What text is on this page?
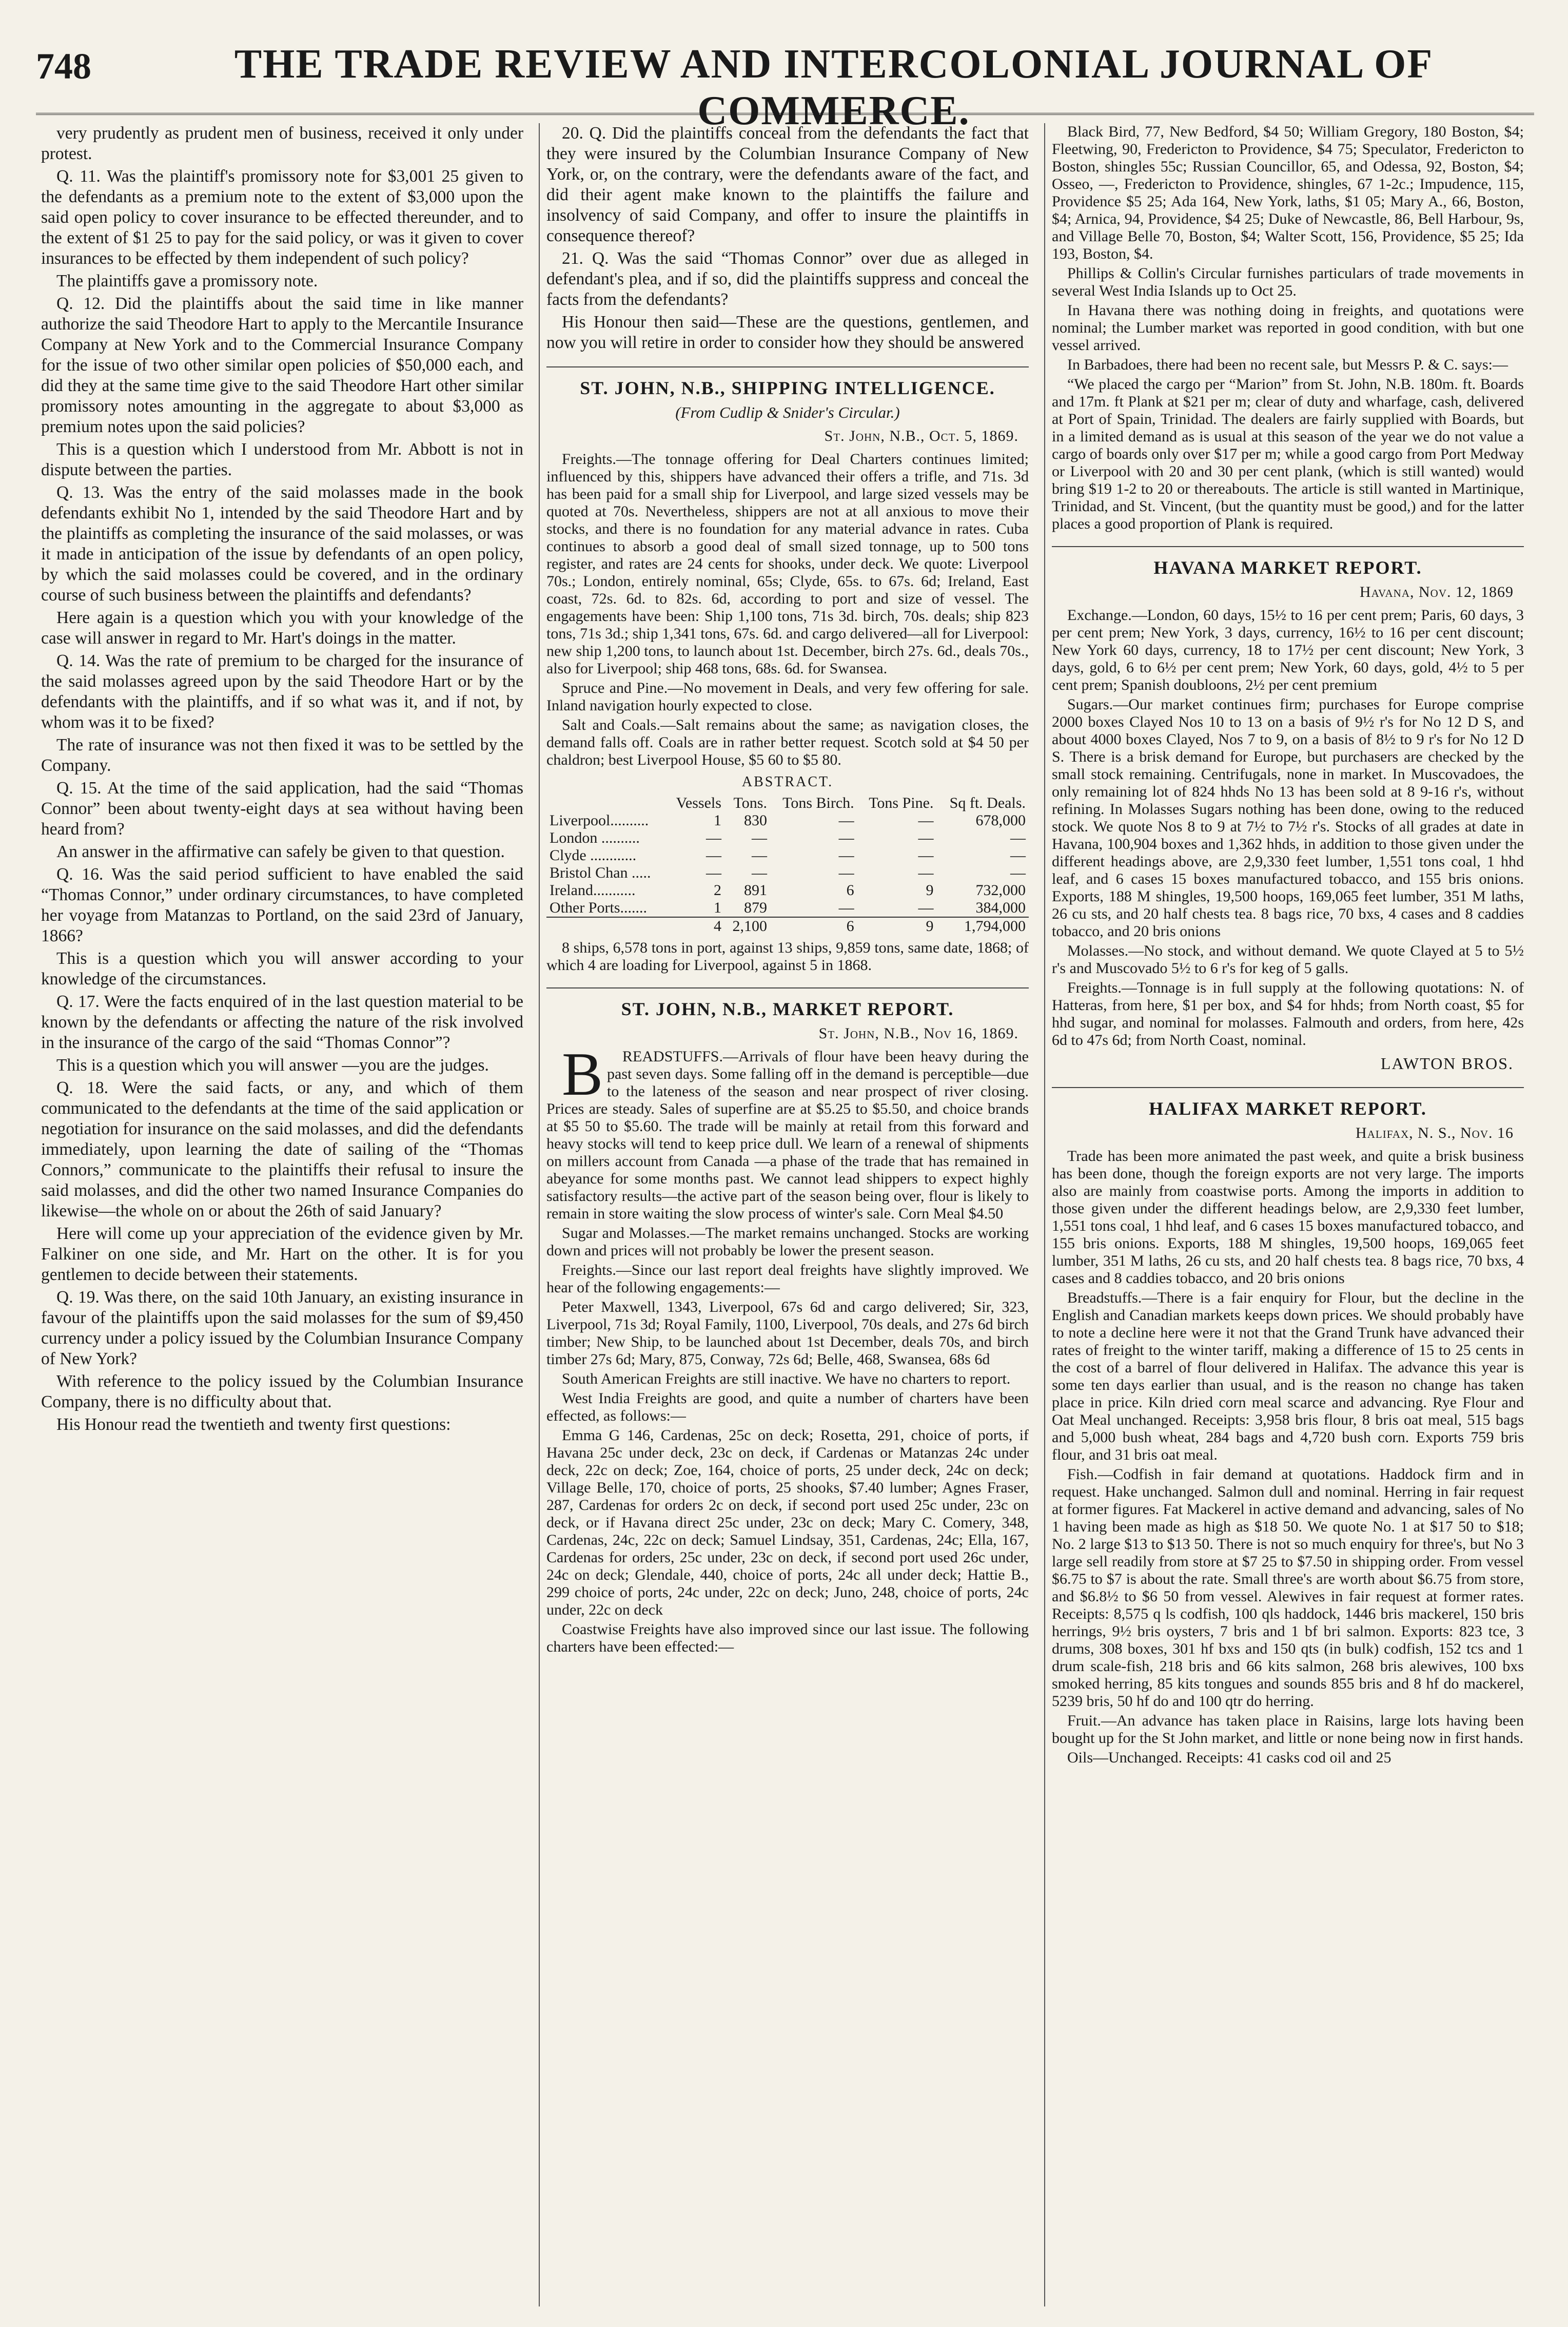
748	THE TRADE REVIEW AND INTERCOLONIAL JOURNAL OF COMMERCE.

very prudently as prudent men of business, received it only under protest.

Q. 11. Was the plaintiff's promissory note for $3,001 25 given to the defendants as a premium note to the extent of $3,000 upon the said open policy to cover insurance to be effected thereunder, and to the extent of $1 25 to pay for the said policy, or was it given to cover insurances to be effected by them independent of such policy?

The plaintiffs gave a promissory note.

Q. 12. Did the plaintiffs about the said time in like manner authorize the said Theodore Hart to apply to the Mercantile Insurance Company at New York and to the Commercial Insurance Company for the issue of two other similar open policies of $50,000 each, and did they at the same time give to the said Theodore Hart other similar promissory notes amounting in the aggregate to about $3,000 as premium notes upon the said policies?

This is a question which I understood from Mr. Abbott is not in dispute between the parties.

Q. 13. Was the entry of the said molasses made in the book defendants exhibit No 1, intended by the said Theodore Hart and by the plaintiffs as completing the insurance of the said molasses, or was it made in anticipation of the issue by defendants of an open policy, by which the said molasses could be covered, and in the ordinary course of such business between the plaintiffs and defendants?

Here again is a question which you with your knowledge of the case will answer in regard to Mr. Hart's doings in the matter.

Q. 14. Was the rate of premium to be charged for the insurance of the said molasses agreed upon by the said Theodore Hart or by the defendants with the plaintiffs, and if so what was it, and if not, by whom was it to be fixed?

The rate of insurance was not then fixed it was to be settled by the Company.

Q. 15. At the time of the said application, had the said “Thomas Connor” been about twenty-eight days at sea without having been heard from?

An answer in the affirmative can safely be given to that question.

Q. 16. Was the said period sufficient to have enabled the said “Thomas Connor,” under ordinary circumstances, to have completed her voyage from Matanzas to Portland, on the said 23rd of January, 1866?

This is a question which you will answer according to your knowledge of the circumstances.

Q. 17. Were the facts enquired of in the last question material to be known by the defendants or affecting the nature of the risk involved in the insurance of the cargo of the said “Thomas Connor”?

This is a question which you will answer —you are the judges.

Q. 18. Were the said facts, or any, and which of them communicated to the defendants at the time of the said application or negotiation for insurance on the said molasses, and did the defendants immediately, upon learning the date of sailing of the “Thomas Connors,” communicate to the plaintiffs their refusal to insure the said molasses, and did the other two named Insurance Companies do likewise—the whole on or about the 26th of said January?

Here will come up your appreciation of the evidence given by Mr. Falkiner on one side, and Mr. Hart on the other. It is for you gentlemen to decide between their statements.

Q. 19. Was there, on the said 10th January, an existing insurance in favour of the plaintiffs upon the said molasses for the sum of $9,450 currency under a policy issued by the Columbian Insurance Company of New York?

With reference to the policy issued by the Columbian Insurance Company, there is no difficulty about that.

His Honour read the twentieth and twenty first questions:

20. Q. Did the plaintiffs conceal from the defendants the fact that they were insured by the Columbian Insurance Company of New York, or, on the contrary, were the defendants aware of the fact, and did their agent make known to the plaintiffs the failure and insolvency of said Company, and offer to insure the plaintiffs in consequence thereof?

21. Q. Was the said “Thomas Connor” over due as alleged in defendant's plea, and if so, did the plaintiffs suppress and conceal the facts from the defendants?

His Honour then said—These are the questions, gentlemen, and now you will retire in order to consider how they should be answered

ST. JOHN, N.B., SHIPPING INTELLIGENCE.
(From Cudlip & Snider's Circular.)
St. John, N.B., Oct. 5, 1869.

Freights.—The tonnage offering for Deal Charters continues limited; influenced by this, shippers have advanced their offers a trifle, and 71s. 3d has been paid for a small ship for Liverpool, and large sized vessels may be quoted at 70s. Nevertheless, shippers are not at all anxious to move their stocks, and there is no foundation for any material advance in rates. Cuba continues to absorb a good deal of small sized tonnage, up to 500 tons register, and rates are 24 cents for shooks, under deck. We quote: Liverpool 70s.; London, entirely nominal, 65s; Clyde, 65s. to 67s. 6d; Ireland, East coast, 72s. 6d. to 82s. 6d, according to port and size of vessel. The engagements have been: Ship 1,100 tons, 71s 3d. birch, 70s. deals; ship 823 tons, 71s 3d.; ship 1,341 tons, 67s. 6d. and cargo delivered—all for Liverpool: new ship 1,200 tons, to launch about 1st. December, birch 27s. 6d., deals 70s., also for Liverpool; ship 468 tons, 68s. 6d. for Swansea.

Spruce and Pine.—No movement in Deals, and very few offering for sale. Inland navigation hourly expected to close.

Salt and Coals.—Salt remains about the same; as navigation closes, the demand falls off. Coals are in rather better request. Scotch sold at $4 50 per chaldron; best Liverpool House, $5 60 to $5 80.

ABSTRACT.
	Vessels	Tons.	Tons Birch.	Tons Pine.	Sq ft. Deals.
Liverpool..........	1	830	—	—	678,000
London ..........	—	—	—	—	—
Clyde ............	—	—	—	—	—
Bristol Chan .....	—	—	—	—	—
Ireland...........	2	891	6	9	732,000
Other Ports.......	1	879	—	—	384,000
	4	2,100	6	9	1,794,000

8 ships, 6,578 tons in port, against 13 ships, 9,859 tons, same date, 1868; of which 4 are loading for Liverpool, against 5 in 1868.

ST. JOHN, N.B., MARKET REPORT.
St. John, N.B., Nov 16, 1869.

BREADSTUFFS.—Arrivals of flour have been heavy during the past seven days. Some falling off in the demand is perceptible—due to the lateness of the season and near prospect of river closing. Prices are steady. Sales of superfine are at $5.25 to $5.50, and choice brands at $5 50 to $5.60. The trade will be mainly at retail from this forward and heavy stocks will tend to keep price dull. We learn of a renewal of shipments on millers account from Canada —a phase of the trade that has remained in abeyance for some months past. We cannot lead shippers to expect highly satisfactory results—the active part of the season being over, flour is likely to remain in store waiting the slow process of winter's sale. Corn Meal $4.50

Sugar and Molasses.—The market remains unchanged. Stocks are working down and prices will not probably be lower the present season.

Freights.—Since our last report deal freights have slightly improved. We hear of the following engagements:—

Peter Maxwell, 1343, Liverpool, 67s 6d and cargo delivered; Sir, 323, Liverpool, 71s 3d; Royal Family, 1100, Liverpool, 70s deals, and 27s 6d birch timber; New Ship, to be launched about 1st December, deals 70s, and birch timber 27s 6d; Mary, 875, Conway, 72s 6d; Belle, 468, Swansea, 68s 6d

South American Freights are still inactive. We have no charters to report.

West India Freights are good, and quite a number of charters have been effected, as follows:—

Emma G 146, Cardenas, 25c on deck; Rosetta, 291, choice of ports, if Havana 25c under deck, 23c on deck, if Cardenas or Matanzas 24c under deck, 22c on deck; Zoe, 164, choice of ports, 25 under deck, 24c on deck; Village Belle, 170, choice of ports, 25 shooks, $7.40 lumber; Agnes Fraser, 287, Cardenas for orders 2c on deck, if second port used 25c under, 23c on deck, or if Havana direct 25c under, 23c on deck; Mary C. Comery, 348, Cardenas, 24c, 22c on deck; Samuel Lindsay, 351, Cardenas, 24c; Ella, 167, Cardenas for orders, 25c under, 23c on deck, if second port used 26c under, 24c on deck; Glendale, 440, choice of ports, 24c all under deck; Hattie B., 299 choice of ports, 24c under, 22c on deck; Juno, 248, choice of ports, 24c under, 22c on deck

Coastwise Freights have also improved since our last issue. The following charters have been effected:—

Black Bird, 77, New Bedford, $4 50; William Gregory, 180 Boston, $4; Fleetwing, 90, Fredericton to Providence, $4 75; Speculator, Fredericton to Boston, shingles 55c; Russian Councillor, 65, and Odessa, 92, Boston, $4; Osseo, —, Fredericton to Providence, shingles, 67 1-2c.; Impudence, 115, Providence $5 25; Ada 164, New York, laths, $1 05; Mary A., 66, Boston, $4; Arnica, 94, Providence, $4 25; Duke of Newcastle, 86, Bell Harbour, 9s, and Village Belle 70, Boston, $4; Walter Scott, 156, Providence, $5 25; Ida 193, Boston, $4.

Phillips & Collin's Circular furnishes particulars of trade movements in several West India Islands up to Oct 25.

In Havana there was nothing doing in freights, and quotations were nominal; the Lumber market was reported in good condition, with but one vessel arrived.

In Barbadoes, there had been no recent sale, but Messrs P. & C. says:—

“We placed the cargo per “Marion” from St. John, N.B. 180m. ft. Boards and 17m. ft Plank at $21 per m; clear of duty and wharfage, cash, delivered at Port of Spain, Trinidad. The dealers are fairly supplied with Boards, but in a limited demand as is usual at this season of the year we do not value a cargo of boards only over $17 per m; while a good cargo from Port Medway or Liverpool with 20 and 30 per cent plank, (which is still wanted) would bring $19 1-2 to 20 or thereabouts. The article is still wanted in Martinique, Trinidad, and St. Vincent, (but the quantity must be good,) and for the latter places a good proportion of Plank is required.

HAVANA MARKET REPORT.
Havana, Nov. 12, 1869

Exchange.—London, 60 days, 15½ to 16 per cent prem; Paris, 60 days, 3 per cent prem; New York, 3 days, currency, 16½ to 16 per cent discount; New York 60 days, currency, 18 to 17½ per cent discount; New York, 3 days, gold, 6 to 6½ per cent prem; New York, 60 days, gold, 4½ to 5 per cent prem; Spanish doubloons, 2½ per cent premium

Sugars.—Our market continues firm; purchases for Europe comprise 2000 boxes Clayed Nos 10 to 13 on a basis of 9½ r's for No 12 D S, and about 4000 boxes Clayed, Nos 7 to 9, on a basis of 8½ to 9 r's for No 12 D S. There is a brisk demand for Europe, but purchasers are checked by the small stock remaining. Centrifugals, none in market. In Muscovadoes, the only remaining lot of 824 hhds No 13 has been sold at 8 9-16 r's, without refining. In Molasses Sugars nothing has been done, owing to the reduced stock. We quote Nos 8 to 9 at 7½ to 7½ r's. Stocks of all grades at date in Havana, 100,904 boxes and 1,362 hhds, in addition to those given under the different headings above, are 2,9,330 feet lumber, 1,551 tons coal, 1 hhd leaf, and 6 cases 15 boxes manufactured tobacco, and 155 bris onions. Exports, 188 M shingles, 19,500 hoops, 169,065 feet lumber, 351 M laths, 26 cu sts, and 20 half chests tea. 8 bags rice, 70 bxs, 4 cases and 8 caddies tobacco, and 20 bris onions

Molasses.—No stock, and without demand. We quote Clayed at 5 to 5½ r's and Muscovado 5½ to 6 r's for keg of 5 galls.

Freights.—Tonnage is in full supply at the following quotations: N. of Hatteras, from here, $1 per box, and $4 for hhds; from North coast, $5 for hhd sugar, and nominal for molasses. Falmouth and orders, from here, 42s 6d to 47s 6d; from North Coast, nominal.

LAWTON BROS.
HALIFAX MARKET REPORT.
Halifax, N. S., Nov. 16

Trade has been more animated the past week, and quite a brisk business has been done, though the foreign exports are not very large. The imports also are mainly from coastwise ports. Among the imports in addition to those given under the different headings below, are 2,9,330 feet lumber, 1,551 tons coal, 1 hhd leaf, and 6 cases 15 boxes manufactured tobacco, and 155 bris onions. Exports, 188 M shingles, 19,500 hoops, 169,065 feet lumber, 351 M laths, 26 cu sts, and 20 half chests tea. 8 bags rice, 70 bxs, 4 cases and 8 caddies tobacco, and 20 bris onions

Breadstuffs.—There is a fair enquiry for Flour, but the decline in the English and Canadian markets keeps down prices. We should probably have to note a decline here were it not that the Grand Trunk have advanced their rates of freight to the winter tariff, making a difference of 15 to 25 cents in the cost of a barrel of flour delivered in Halifax. The advance this year is some ten days earlier than usual, and is the reason no change has taken place in price. Kiln dried corn meal scarce and advancing. Rye Flour and Oat Meal unchanged. Receipts: 3,958 bris flour, 8 bris oat meal, 515 bags and 5,000 bush wheat, 284 bags and 4,720 bush corn. Exports 759 bris flour, and 31 bris oat meal.

Fish.—Codfish in fair demand at quotations. Haddock firm and in request. Hake unchanged. Salmon dull and nominal. Herring in fair request at former figures. Fat Mackerel in active demand and advancing, sales of No 1 having been made as high as $18 50. We quote No. 1 at $17 50 to $18; No. 2 large $13 to $13 50. There is not so much enquiry for three's, but No 3 large sell readily from store at $7 25 to $7.50 in shipping order. From vessel $6.75 to $7 is about the rate. Small three's are worth about $6.75 from store, and $6.8½ to $6 50 from vessel. Alewives in fair request at former rates. Receipts: 8,575 q ls codfish, 100 qls haddock, 1446 bris mackerel, 150 bris herrings, 9½ bris oysters, 7 bris and 1 bf bri salmon. Exports: 823 tce, 3 drums, 308 boxes, 301 hf bxs and 150 qts (in bulk) codfish, 152 tcs and 1 drum scale-fish, 218 bris and 66 kits salmon, 268 bris alewives, 100 bxs smoked herring, 85 kits tongues and sounds 855 bris and 8 hf do mackerel, 5239 bris, 50 hf do and 100 qtr do herring.

Fruit.—An advance has taken place in Raisins, large lots having been bought up for the St John market, and little or none being now in first hands.

Oils—Unchanged. Receipts: 41 casks cod oil and 25
